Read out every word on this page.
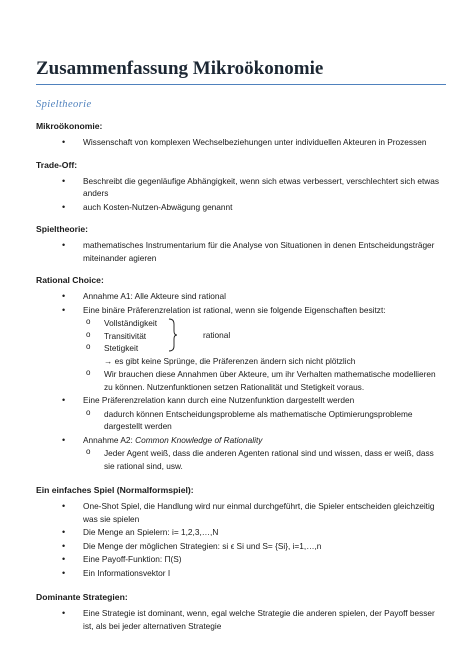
Zusammenfassung Mikroökonomie
Spieltheorie
Mikroökonomie:
• Wissenschaft von komplexen Wechselbeziehungen unter individuellen Akteuren in Prozessen
Trade-Off:
• Beschreibt die gegenläufige Abhängigkeit, wenn sich etwas verbessert, verschlechtert sich etwas anders
• auch Kosten-Nutzen-Abwägung genannt
Spieltheorie:
• mathematisches Instrumentarium für die Analyse von Situationen in denen Entscheidungsträger miteinander agieren
Rational Choice:
• Annahme A1: Alle Akteure sind rational
• Eine binäre Präferenzrelation ist rational, wenn sie folgende Eigenschaften besitzt:
o Vollständigkeit
o Transitivität
o Stetigkeit
rational
→ es gibt keine Sprünge, die Präferenzen ändern sich nicht plötzlich
o Wir brauchen diese Annahmen über Akteure, um ihr Verhalten mathematische modellieren zu können. Nutzenfunktionen setzen Rationalität und Stetigkeit voraus.
• Eine Präferenzrelation kann durch eine Nutzenfunktion dargestellt werden
o dadurch können Entscheidungsprobleme als mathematische Optimierungsprobleme dargestellt werden
• Annahme A2: Common Knowledge of Rationality
o Jeder Agent weiß, dass die anderen Agenten rational sind und wissen, dass er weiß, dass sie rational sind, usw.
Ein einfaches Spiel (Normalformspiel):
• One-Shot Spiel, die Handlung wird nur einmal durchgeführt, die Spieler entscheiden gleichzeitig was sie spielen
• Die Menge an Spielern: i= 1,2,3,…,N
• Die Menge der möglichen Strategien: si ϵ Si und S= {Si}, i=1,…,n
• Eine Payoff-Funktion: Π(S)
• Ein Informationsvektor I
Dominante Strategien:
• Eine Strategie ist dominant, wenn, egal welche Strategie die anderen spielen, der Payoff besser ist, als bei jeder alternativen Strategie
